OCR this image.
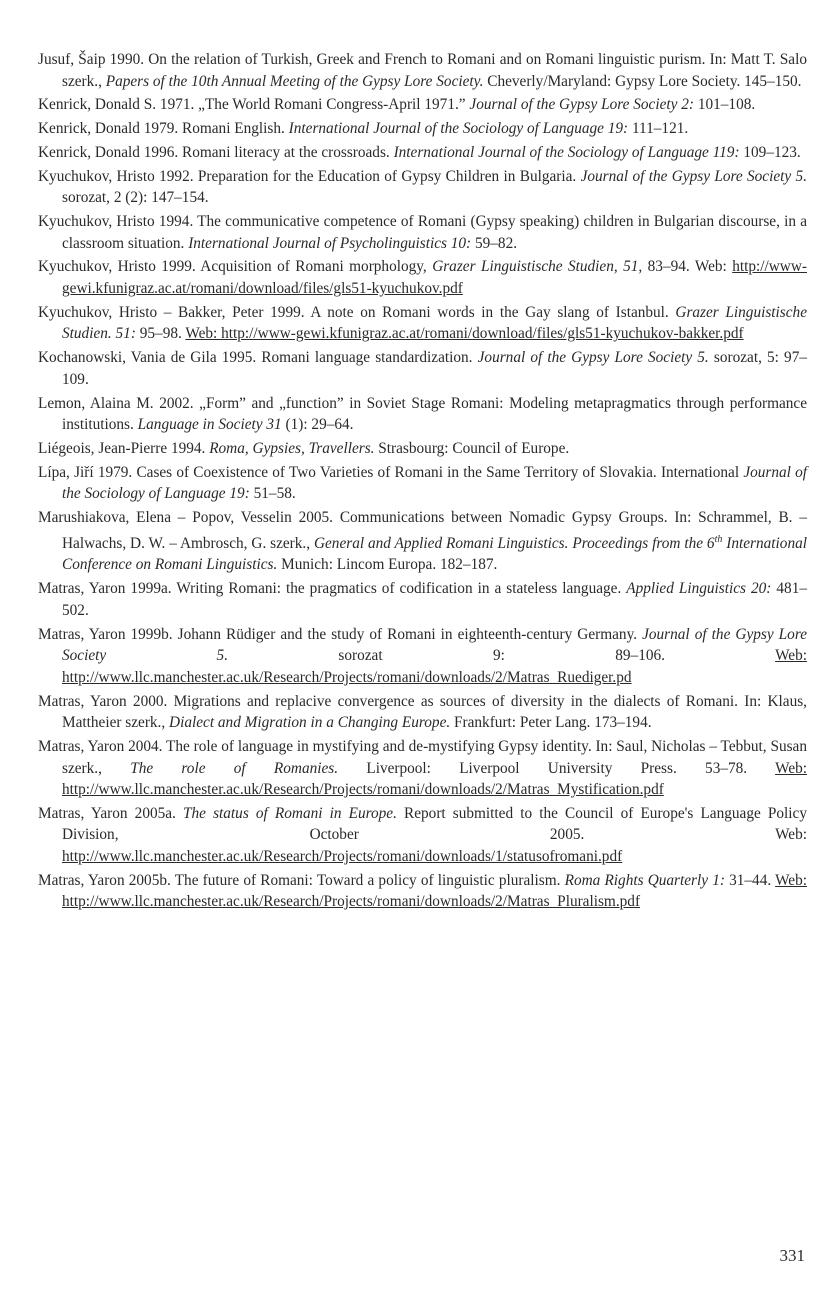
Jusuf, Šaip 1990. On the relation of Turkish, Greek and French to Romani and on Romani linguistic purism. In: Matt T. Salo szerk., Papers of the 10th Annual Meeting of the Gypsy Lore Society. Cheverly/Maryland: Gypsy Lore Society. 145–150.
Kenrick, Donald S. 1971. „The World Romani Congress-April 1971.” Journal of the Gypsy Lore Society 2: 101–108.
Kenrick, Donald 1979. Romani English. International Journal of the Sociology of Language 19: 111–121.
Kenrick, Donald 1996. Romani literacy at the crossroads. International Journal of the Sociology of Language 119: 109–123.
Kyuchukov, Hristo 1992. Preparation for the Education of Gypsy Children in Bulgaria. Journal of the Gypsy Lore Society 5. sorozat, 2 (2): 147–154.
Kyuchukov, Hristo 1994. The communicative competence of Romani (Gypsy speaking) children in Bulgarian discourse, in a classroom situation. International Journal of Psycholinguistics 10: 59–82.
Kyuchukov, Hristo 1999. Acquisition of Romani morphology, Grazer Linguistische Studien, 51, 83–94. Web: http://www-gewi.kfunigraz.ac.at/romani/download/files/gls51-kyuchukov.pdf
Kyuchukov, Hristo – Bakker, Peter 1999. A note on Romani words in the Gay slang of Istanbul. Grazer Linguistische Studien. 51: 95–98. Web: http://www-gewi.kfunigraz.ac.at/romani/download/files/gls51-kyuchukov-bakker.pdf
Kochanowski, Vania de Gila 1995. Romani language standardization. Journal of the Gypsy Lore Society 5. sorozat, 5: 97–109.
Lemon, Alaina M. 2002. „Form” and „function” in Soviet Stage Romani: Modeling metapragmatics through performance institutions. Language in Society 31 (1): 29–64.
Liégeois, Jean-Pierre 1994. Roma, Gypsies, Travellers. Strasbourg: Council of Europe.
Lípa, Jiří 1979. Cases of Coexistence of Two Varieties of Romani in the Same Territory of Slovakia. International Journal of the Sociology of Language 19: 51–58.
Marushiakova, Elena – Popov, Vesselin 2005. Communications between Nomadic Gypsy Groups. In: Schrammel, B. – Halwachs, D. W. – Ambrosch, G. szerk., General and Applied Romani Linguistics. Proceedings from the 6th International Conference on Romani Linguistics. Munich: Lincom Europa. 182–187.
Matras, Yaron 1999a. Writing Romani: the pragmatics of codification in a stateless language. Applied Linguistics 20: 481–502.
Matras, Yaron 1999b. Johann Rüdiger and the study of Romani in eighteenth-century Germany. Journal of the Gypsy Lore Society 5. sorozat 9: 89–106. Web: http://www.llc.manchester.ac.uk/Research/Projects/romani/downloads/2/Matras_Ruediger.pd
Matras, Yaron 2000. Migrations and replacive convergence as sources of diversity in the dialects of Romani. In: Klaus, Mattheier szerk., Dialect and Migration in a Changing Europe. Frankfurt: Peter Lang. 173–194.
Matras, Yaron 2004. The role of language in mystifying and de-mystifying Gypsy identity. In: Saul, Nicholas – Tebbut, Susan szerk., The role of Romanies. Liverpool: Liverpool University Press. 53–78. Web: http://www.llc.manchester.ac.uk/Research/Projects/romani/downloads/2/Matras_Mystification.pdf
Matras, Yaron 2005a. The status of Romani in Europe. Report submitted to the Council of Europe's Language Policy Division, October 2005. Web: http://www.llc.manchester.ac.uk/Research/Projects/romani/downloads/1/statusofromani.pdf
Matras, Yaron 2005b. The future of Romani: Toward a policy of linguistic pluralism. Roma Rights Quarterly 1: 31–44. Web: http://www.llc.manchester.ac.uk/Research/Projects/romani/downloads/2/Matras_Pluralism.pdf
331
